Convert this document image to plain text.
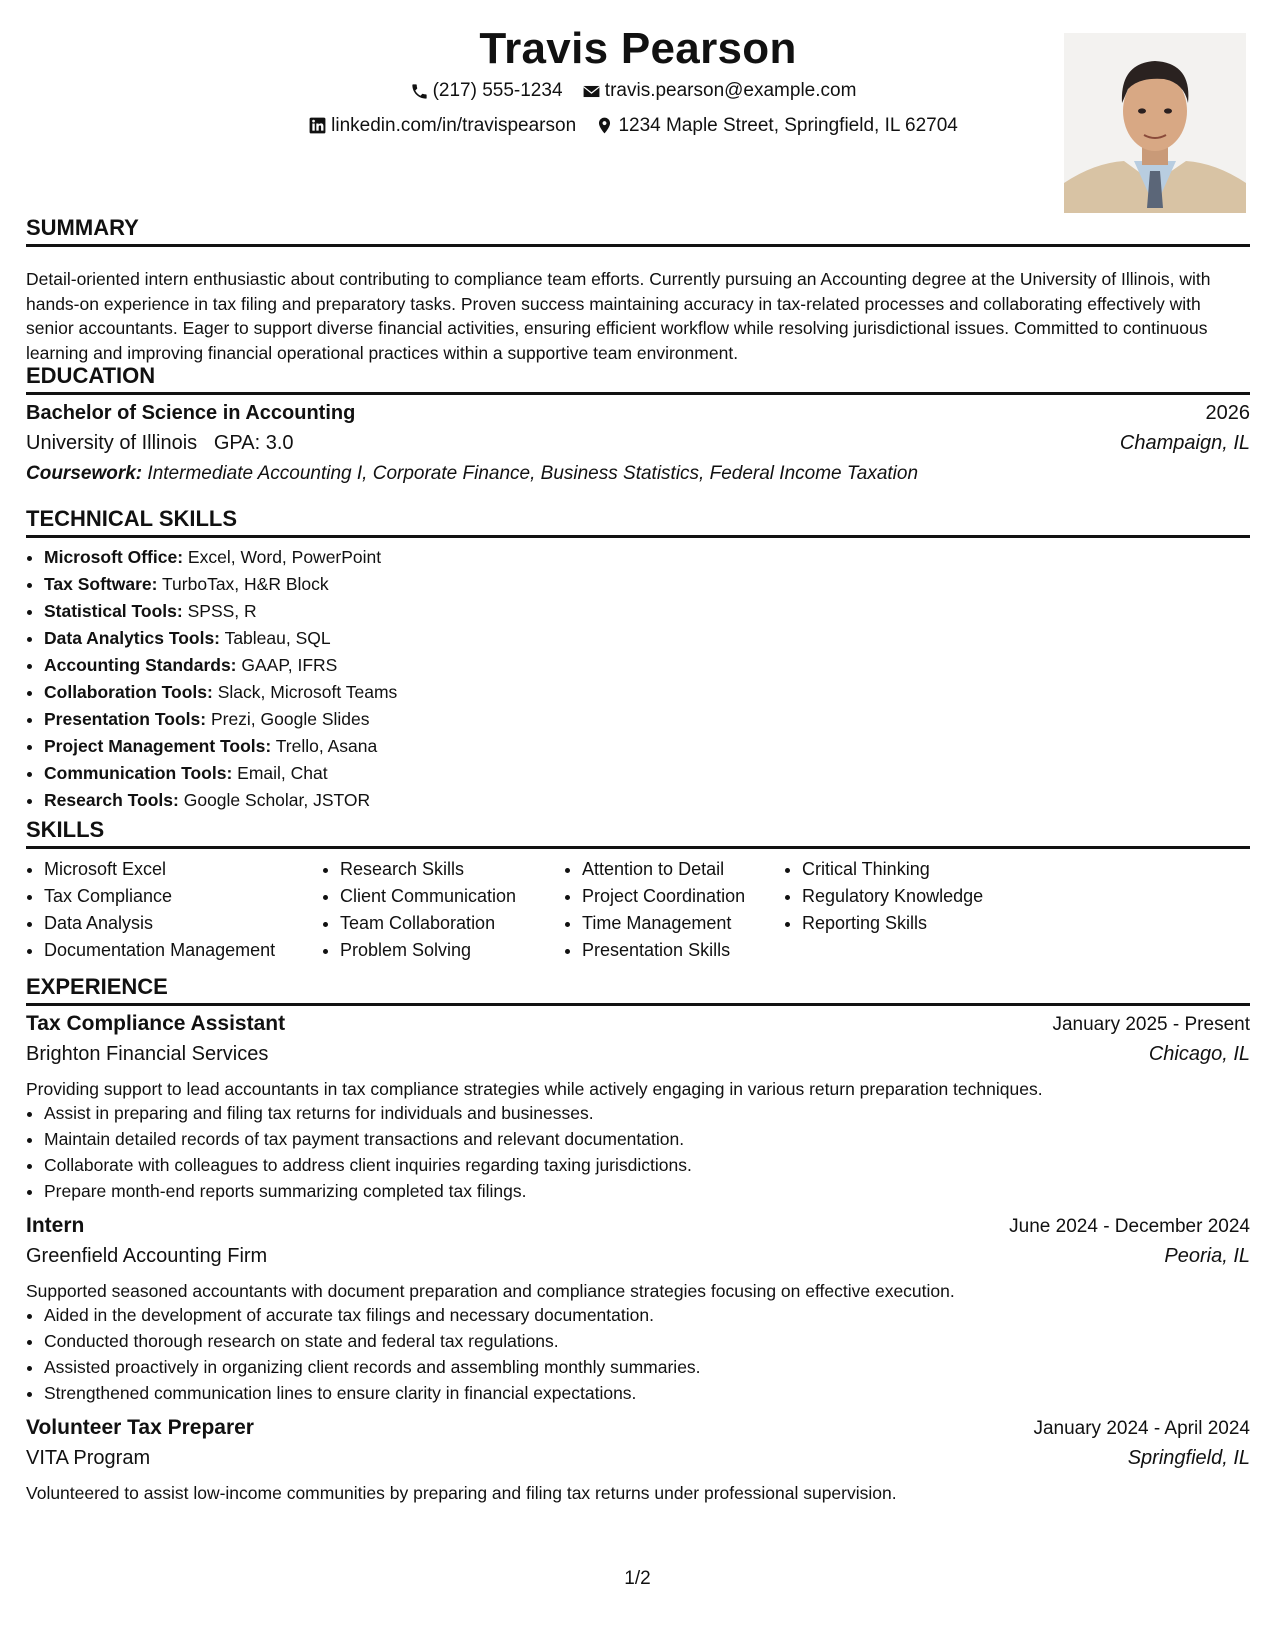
Travis Pearson
(217) 555-1234
travis.pearson@example.com
linkedin.com/in/travispearson
1234 Maple Street, Springfield, IL 62704
SUMMARY
Detail-oriented intern enthusiastic about contributing to compliance team efforts. Currently pursuing an Accounting degree at the University of Illinois, with hands-on experience in tax filing and preparatory tasks. Proven success maintaining accuracy in tax-related processes and collaborating effectively with senior accountants. Eager to support diverse financial activities, ensuring efficient workflow while resolving jurisdictional issues. Committed to continuous learning and improving financial operational practices within a supportive team environment.
EDUCATION
Bachelor of Science in Accounting	2026
University of Illinois GPA: 3.0	Champaign, IL
Coursework: Intermediate Accounting I, Corporate Finance, Business Statistics, Federal Income Taxation
TECHNICAL SKILLS
• Microsoft Office: Excel, Word, PowerPoint
• Tax Software: TurboTax, H&R Block
• Statistical Tools: SPSS, R
• Data Analytics Tools: Tableau, SQL
• Accounting Standards: GAAP, IFRS
• Collaboration Tools: Slack, Microsoft Teams
• Presentation Tools: Prezi, Google Slides
• Project Management Tools: Trello, Asana
• Communication Tools: Email, Chat
• Research Tools: Google Scholar, JSTOR
SKILLS
• Microsoft Excel
• Tax Compliance
• Data Analysis
• Documentation Management
• Research Skills
• Client Communication
• Team Collaboration
• Problem Solving
• Attention to Detail
• Project Coordination
• Time Management
• Presentation Skills
• Critical Thinking
• Regulatory Knowledge
• Reporting Skills
EXPERIENCE
Tax Compliance Assistant	January 2025 - Present
Brighton Financial Services	Chicago, IL
Providing support to lead accountants in tax compliance strategies while actively engaging in various return preparation techniques.
• Assist in preparing and filing tax returns for individuals and businesses.
• Maintain detailed records of tax payment transactions and relevant documentation.
• Collaborate with colleagues to address client inquiries regarding taxing jurisdictions.
• Prepare month-end reports summarizing completed tax filings.
Intern	June 2024 - December 2024
Greenfield Accounting Firm	Peoria, IL
Supported seasoned accountants with document preparation and compliance strategies focusing on effective execution.
• Aided in the development of accurate tax filings and necessary documentation.
• Conducted thorough research on state and federal tax regulations.
• Assisted proactively in organizing client records and assembling monthly summaries.
• Strengthened communication lines to ensure clarity in financial expectations.
Volunteer Tax Preparer	January 2024 - April 2024
VITA Program	Springfield, IL
Volunteered to assist low-income communities by preparing and filing tax returns under professional supervision.
1/2
